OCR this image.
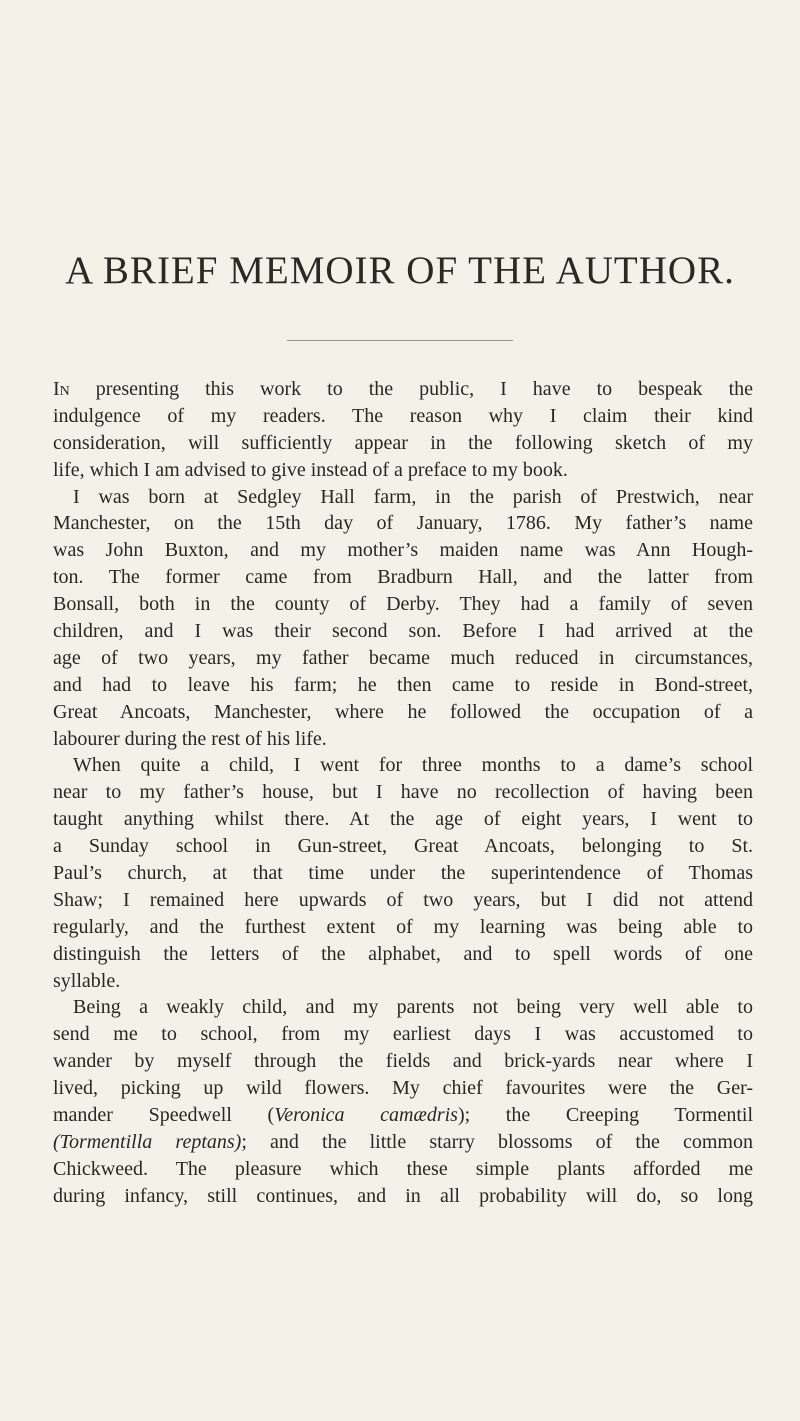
A BRIEF MEMOIR OF THE AUTHOR.
In presenting this work to the public, I have to bespeak the
indulgence of my readers. The reason why I claim their kind
consideration, will sufficiently appear in the following sketch of my
life, which I am advised to give instead of a preface to my book.
I was born at Sedgley Hall farm, in the parish of Prestwich, near
Manchester, on the 15th day of January, 1786. My father’s name
was John Buxton, and my mother’s maiden name was Ann Hough-
ton. The former came from Bradburn Hall, and the latter from
Bonsall, both in the county of Derby. They had a family of seven
children, and I was their second son. Before I had arrived at the
age of two years, my father became much reduced in circumstances,
and had to leave his farm; he then came to reside in Bond-street,
Great Ancoats, Manchester, where he followed the occupation of a
labourer during the rest of his life.
When quite a child, I went for three months to a dame’s school
near to my father’s house, but I have no recollection of having been
taught anything whilst there. At the age of eight years, I went to
a Sunday school in Gun-street, Great Ancoats, belonging to St.
Paul’s church, at that time under the superintendence of Thomas
Shaw; I remained here upwards of two years, but I did not attend
regularly, and the furthest extent of my learning was being able to
distinguish the letters of the alphabet, and to spell words of one
syllable.
Being a weakly child, and my parents not being very well able to
send me to school, from my earliest days I was accustomed to
wander by myself through the fields and brick-yards near where I
lived, picking up wild flowers. My chief favourites were the Ger-
mander Speedwell (Veronica camædris); the Creeping Tormentil
(Tormentilla reptans); and the little starry blossoms of the common
Chickweed. The pleasure which these simple plants afforded me
during infancy, still continues, and in all probability will do, so long
